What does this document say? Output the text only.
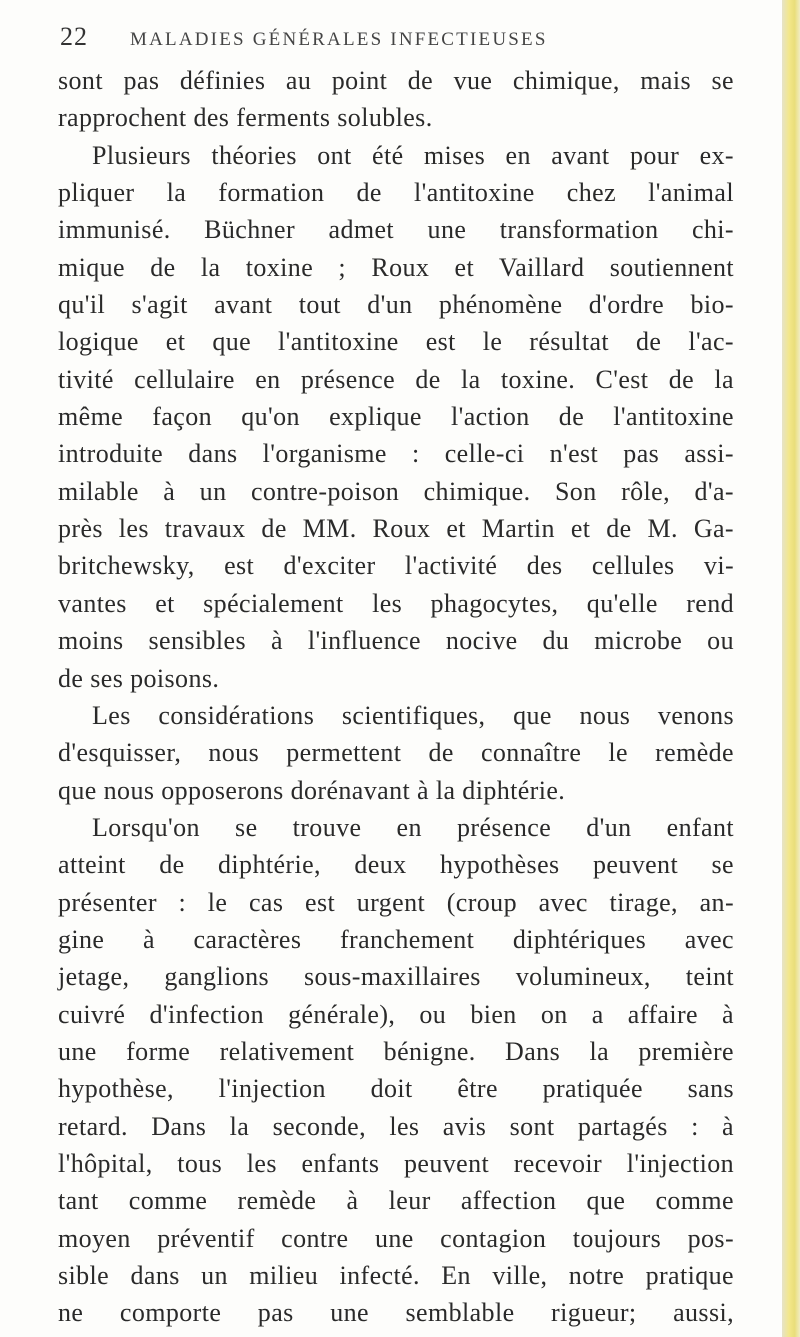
22	MALADIES GÉNÉRALES INFECTIEUSES
sont pas définies au point de vue chimique, mais se
rapprochent des ferments solubles.
Plusieurs théories ont été mises en avant pour ex-
pliquer la formation de l'antitoxine chez l'animal
immunisé. Büchner admet une transformation chi-
mique de la toxine ; Roux et Vaillard soutiennent
qu'il s'agit avant tout d'un phénomène d'ordre bio-
logique et que l'antitoxine est le résultat de l'ac-
tivité cellulaire en présence de la toxine. C'est de la
même façon qu'on explique l'action de l'antitoxine
introduite dans l'organisme : celle-ci n'est pas assi-
milable à un contre-poison chimique. Son rôle, d'a-
près les travaux de MM. Roux et Martin et de M. Ga-
britchewsky, est d'exciter l'activité des cellules vi-
vantes et spécialement les phagocytes, qu'elle rend
moins sensibles à l'influence nocive du microbe ou
de ses poisons.
Les considérations scientifiques, que nous venons
d'esquisser, nous permettent de connaître le remède
que nous opposerons dorénavant à la diphtérie.
Lorsqu'on se trouve en présence d'un enfant
atteint de diphtérie, deux hypothèses peuvent se
présenter : le cas est urgent (croup avec tirage, an-
gine à caractères franchement diphtériques avec
jetage, ganglions sous-maxillaires volumineux, teint
cuivré d'infection générale), ou bien on a affaire à
une forme relativement bénigne. Dans la première
hypothèse, l'injection doit être pratiquée sans
retard. Dans la seconde, les avis sont partagés : à
l'hôpital, tous les enfants peuvent recevoir l'injection
tant comme remède à leur affection que comme
moyen préventif contre une contagion toujours pos-
sible dans un milieu infecté. En ville, notre pratique
ne comporte pas une semblable rigueur; aussi,
